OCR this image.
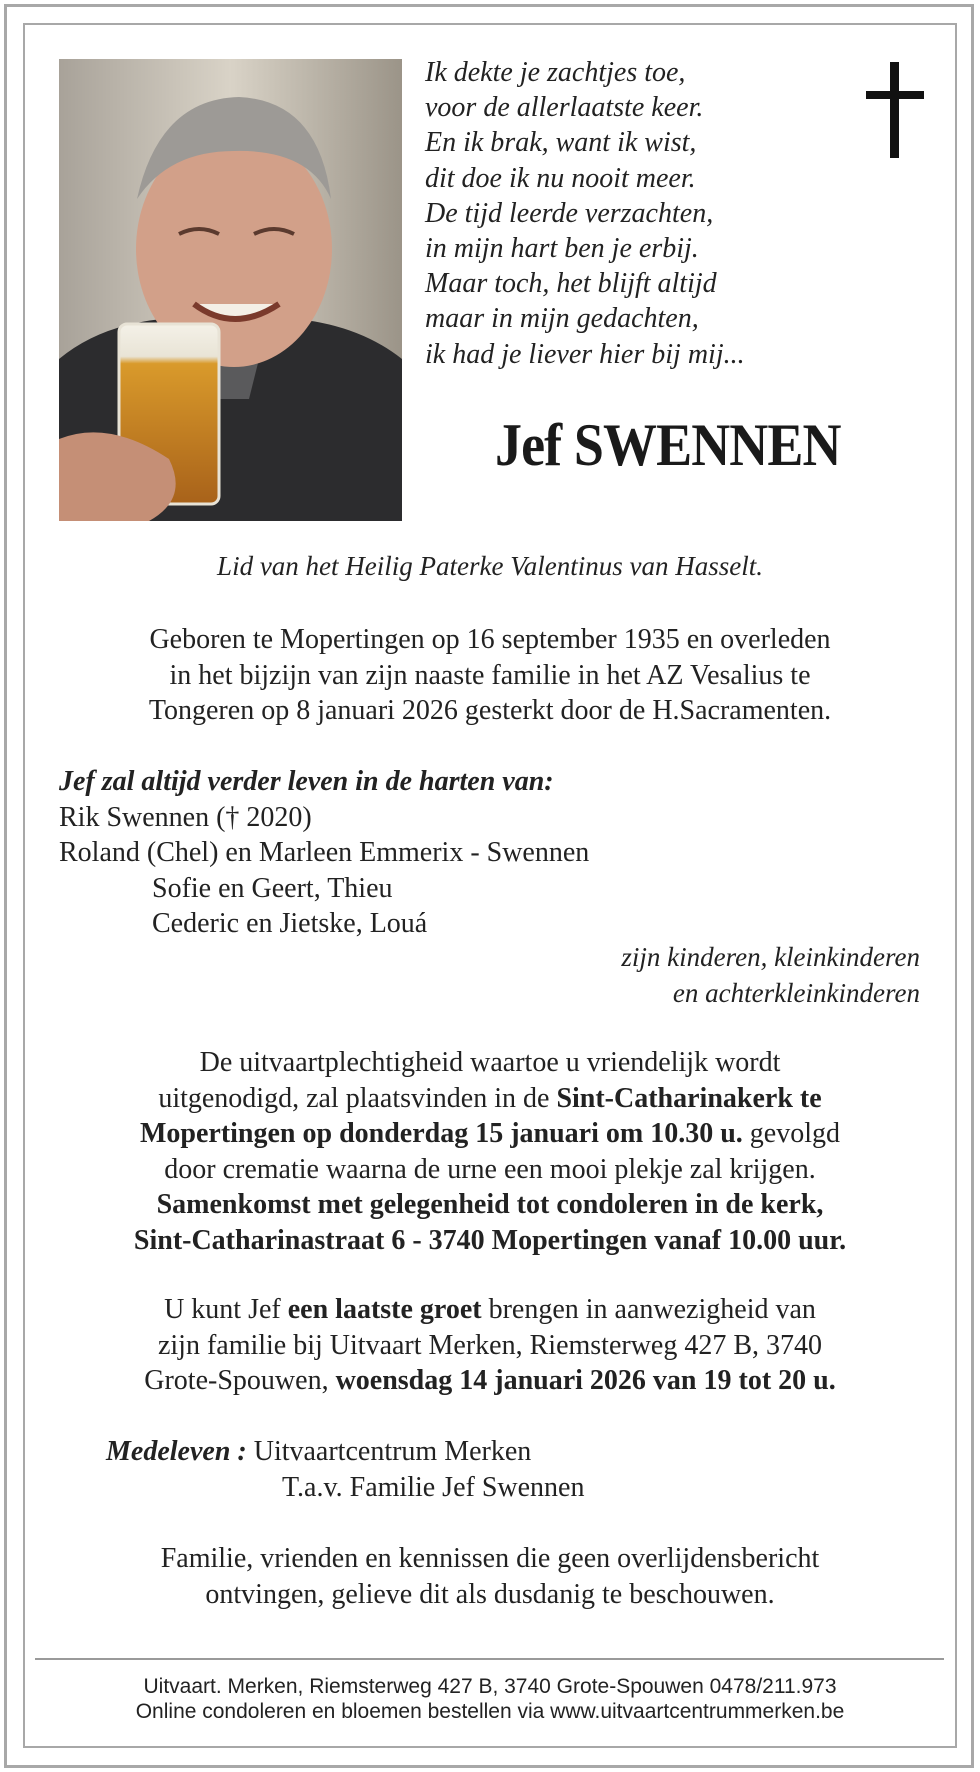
Ik dekte je zachtjes toe,
voor de allerlaatste keer.
En ik brak, want ik wist,
dit doe ik nu nooit meer.
De tijd leerde verzachten,
in mijn hart ben je erbij.
Maar toch, het blijft altijd
maar in mijn gedachten,
ik had je liever hier bij mij...
Jef SWENNEN
Lid van het Heilig Paterke Valentinus van Hasselt.
Geboren te Mopertingen op 16 september 1935 en overleden
in het bijzijn van zijn naaste familie in het AZ Vesalius te
Tongeren op 8 januari 2026 gesterkt door de H.Sacramenten.
Jef zal altijd verder leven in de harten van:
Rik Swennen († 2020)
Roland (Chel) en Marleen Emmerix - Swennen
Sofie en Geert, Thieu
Cederic en Jietske, Louá
zijn kinderen, kleinkinderen
en achterkleinkinderen
De uitvaartplechtigheid waartoe u vriendelijk wordt
uitgenodigd, zal plaatsvinden in de Sint-Catharinakerk te
Mopertingen op donderdag 15 januari om 10.30 u. gevolgd
door crematie waarna de urne een mooi plekje zal krijgen.
Samenkomst met gelegenheid tot condoleren in de kerk,
Sint-Catharinastraat 6 - 3740 Mopertingen vanaf 10.00 uur.
U kunt Jef een laatste groet brengen in aanwezigheid van
zijn familie bij Uitvaart Merken, Riemsterweg 427 B, 3740
Grote-Spouwen, woensdag 14 januari 2026 van 19 tot 20 u.
Medeleven : Uitvaartcentrum Merken
T.a.v. Familie Jef Swennen
Familie, vrienden en kennissen die geen overlijdensbericht
ontvingen, gelieve dit als dusdanig te beschouwen.
Uitvaart. Merken, Riemsterweg 427 B, 3740 Grote-Spouwen 0478/211.973
Online condoleren en bloemen bestellen via www.uitvaartcentrummerken.be
